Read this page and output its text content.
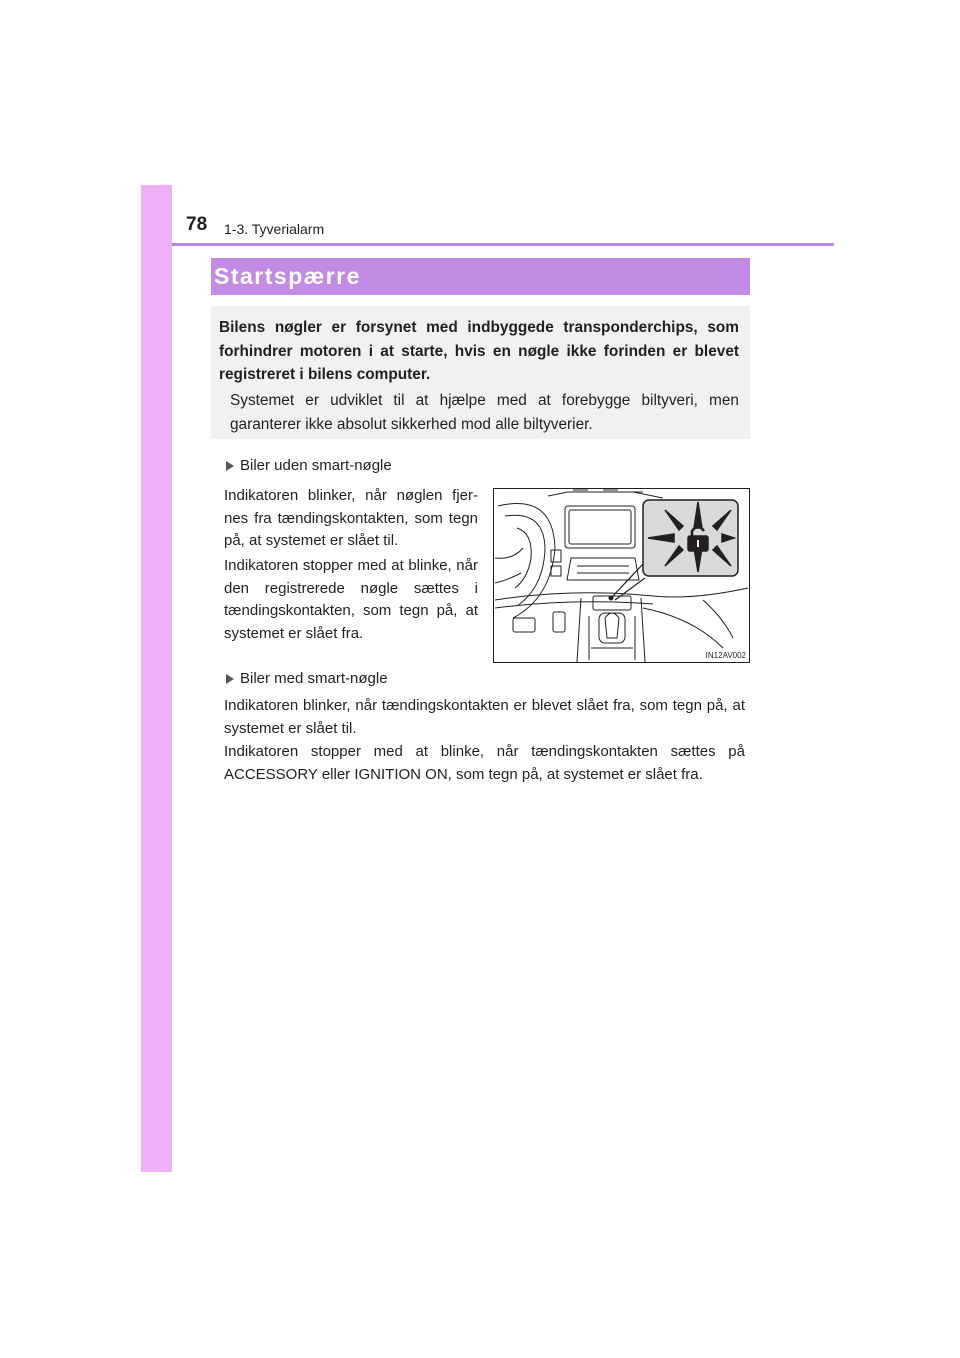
78 1-3. Tyverialarm
Startspærre
Bilens nøgler er forsynet med indbyggede transponderchips, som forhindrer motoren i at starte, hvis en nøgle ikke forinden er blevet registreret i bilens computer.
Systemet er udviklet til at hjælpe med at forebygge biltyveri, men garanterer ikke absolut sikkerhed mod alle biltyverier.
Biler uden smart-nøgle
Indikatoren blinker, når nøglen fjer-nes fra tændingskontakten, som tegn på, at systemet er slået til.
Indikatoren stopper med at blinke, når den registrerede nøgle sættes i tændingskontakten, som tegn på, at systemet er slået fra.
IN12AV002
Biler med smart-nøgle
Indikatoren blinker, når tændingskontakten er blevet slået fra, som tegn på, at systemet er slået til.
Indikatoren stopper med at blinke, når tændingskontakten sættes på ACCESSORY eller IGNITION ON, som tegn på, at systemet er slået fra.
